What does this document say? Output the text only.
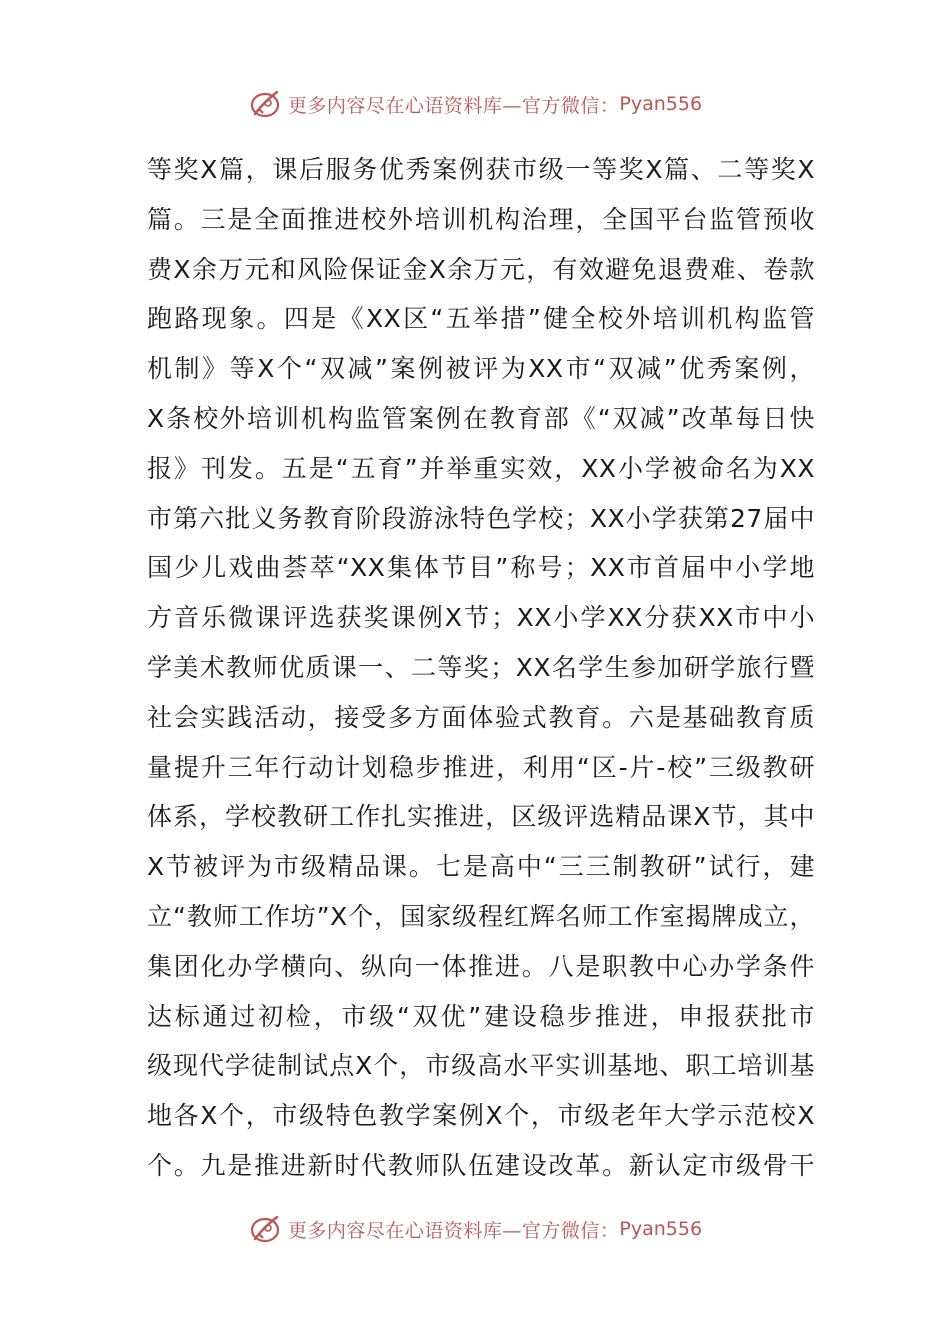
更多内容尽在心语资料库—官方微信： Pyan556
等奖X篇，课后服务优秀案例获市级一等奖X篇、二等奖X
篇。三是全面推进校外培训机构治理，全国平台监管预收
费X余万元和风险保证金X余万元，有效避免退费难、卷款
跑路现象。四是《XX区“五举措”健全校外培训机构监管
机制》等X个“双减”案例被评为XX市“双减”优秀案例，
X条校外培训机构监管案例在教育部《“双减”改革每日快
报》刊发。五是“五育”并举重实效，XX小学被命名为XX
市第六批义务教育阶段游泳特色学校；XX小学获第27届中
国少儿戏曲荟萃“XX集体节目”称号；XX市首届中小学地
方音乐微课评选获奖课例X节；XX小学XX分获XX市中小
学美术教师优质课一、二等奖；XX名学生参加研学旅行暨
社会实践活动，接受多方面体验式教育。六是基础教育质
量提升三年行动计划稳步推进，利用“区-片-校”三级教研
体系，学校教研工作扎实推进，区级评选精品课X节，其中
X节被评为市级精品课。七是高中“三三制教研”试行，建
立“教师工作坊”X个，国家级程红辉名师工作室揭牌成立，
集团化办学横向、纵向一体推进。八是职教中心办学条件
达标通过初检，市级“双优”建设稳步推进，申报获批市
级现代学徒制试点X个，市级高水平实训基地、职工培训基
地各X个，市级特色教学案例X个，市级老年大学示范校X
个。九是推进新时代教师队伍建设改革。新认定市级骨干
更多内容尽在心语资料库—官方微信： Pyan556
